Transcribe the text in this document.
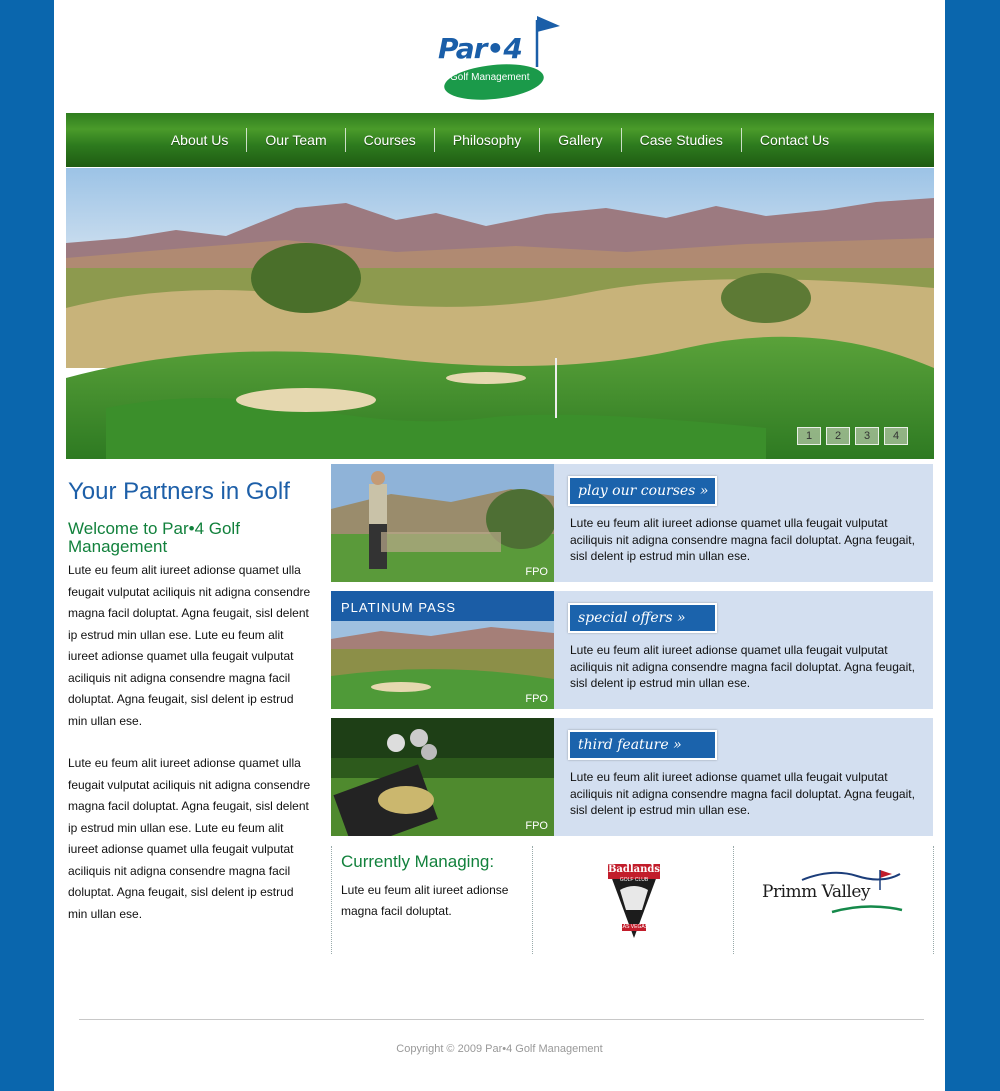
Par•4
Golf Management
About Us	Our Team	Courses	Philosophy	Gallery	Case Studies	Contact Us
1	2	3	4
Your Partners in Golf
Welcome to Par•4 Golf Management

Lute eu feum alit iureet adionse quamet ulla feugait vulputat aciliquis nit adigna consendre magna facil doluptat. Agna feugait, sisl delent ip estrud min ullan ese. Lute eu feum alit iureet adionse quamet ulla feugait vulputat aciliquis nit adigna consendre magna facil doluptat. Agna feugait, sisl delent ip estrud min ullan ese.

Lute eu feum alit iureet adionse quamet ulla feugait vulputat aciliquis nit adigna consendre magna facil doluptat. Agna feugait, sisl delent ip estrud min ullan ese. Lute eu feum alit iureet adionse quamet ulla feugait vulputat aciliquis nit adigna consendre magna facil doluptat. Agna feugait, sisl delent ip estrud min ullan ese.

FPO
play our courses »
Lute eu feum alit iureet adionse quamet ulla feugait vulputat aciliquis nit adigna consendre magna facil doluptat. Agna feugait, sisl delent ip estrud min ullan ese.
PLATINUM PASS
FPO
special offers »
Lute eu feum alit iureet adionse quamet ulla feugait vulputat aciliquis nit adigna consendre magna facil doluptat. Agna feugait, sisl delent ip estrud min ullan ese.
FPO
third feature »
Lute eu feum alit iureet adionse quamet ulla feugait vulputat aciliquis nit adigna consendre magna facil doluptat. Agna feugait, sisl delent ip estrud min ullan ese.
Currently Managing:

Lute eu feum alit iureet adionse magna facil doluptat.

Badlands
GOLF CLUB
LAS VEGAS
Primm Valley
Copyright © 2009 Par•4 Golf Management
